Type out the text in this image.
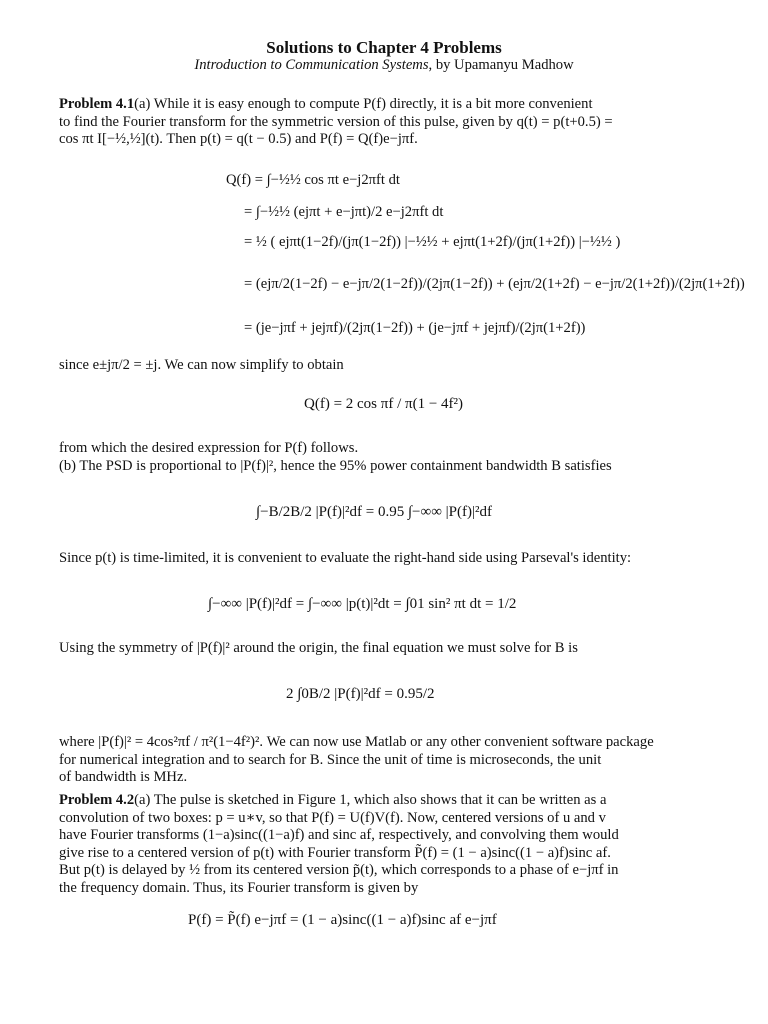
Solutions to Chapter 4 Problems
Introduction to Communication Systems, by Upamanyu Madhow
Problem 4.1(a) While it is easy enough to compute P(f) directly, it is a bit more convenient
to find the Fourier transform for the symmetric version of this pulse, given by q(t) = p(t+0.5) =
cos πt I[−½,½](t). Then p(t) = q(t − 0.5) and P(f) = Q(f)e−jπf.
Q(f) = ∫−½½ cos πt e−j2πft dt
= ∫−½½ (ejπt + e−jπt)/2 e−j2πft dt
= ½ ( ejπt(1−2f)/(jπ(1−2f)) |−½½ + ejπt(1+2f)/(jπ(1+2f)) |−½½ )
= (ejπ/2(1−2f) − e−jπ/2(1−2f))/(2jπ(1−2f)) + (ejπ/2(1+2f) − e−jπ/2(1+2f))/(2jπ(1+2f))
= (je−jπf + jejπf)/(2jπ(1−2f)) + (je−jπf + jejπf)/(2jπ(1+2f))
since e±jπ/2 = ±j. We can now simplify to obtain
Q(f) = 2 cos πf / π(1 − 4f²)
from which the desired expression for P(f) follows.
(b) The PSD is proportional to |P(f)|², hence the 95% power containment bandwidth B satisfies
∫−B/2B/2 |P(f)|²df = 0.95 ∫−∞∞ |P(f)|²df
Since p(t) is time-limited, it is convenient to evaluate the right-hand side using Parseval's identity:
∫−∞∞ |P(f)|²df = ∫−∞∞ |p(t)|²dt = ∫01 sin² πt dt = 1/2
Using the symmetry of |P(f)|² around the origin, the final equation we must solve for B is
2 ∫0B/2 |P(f)|²df = 0.95/2
where |P(f)|² = 4cos²πf / π²(1−4f²)². We can now use Matlab or any other convenient software package
for numerical integration and to search for B. Since the unit of time is microseconds, the unit
of bandwidth is MHz.
Problem 4.2(a) The pulse is sketched in Figure 1, which also shows that it can be written as a
convolution of two boxes: p = u∗v, so that P(f) = U(f)V(f). Now, centered versions of u and v
have Fourier transforms (1−a)sinc((1−a)f) and sinc af, respectively, and convolving them would
give rise to a centered version of p(t) with Fourier transform P̃(f) = (1 − a)sinc((1 − a)f)sinc af.
But p(t) is delayed by ½ from its centered version p̃(t), which corresponds to a phase of e−jπf in
the frequency domain. Thus, its Fourier transform is given by
P(f) = P̃(f) e−jπf = (1 − a)sinc((1 − a)f)sinc af e−jπf
